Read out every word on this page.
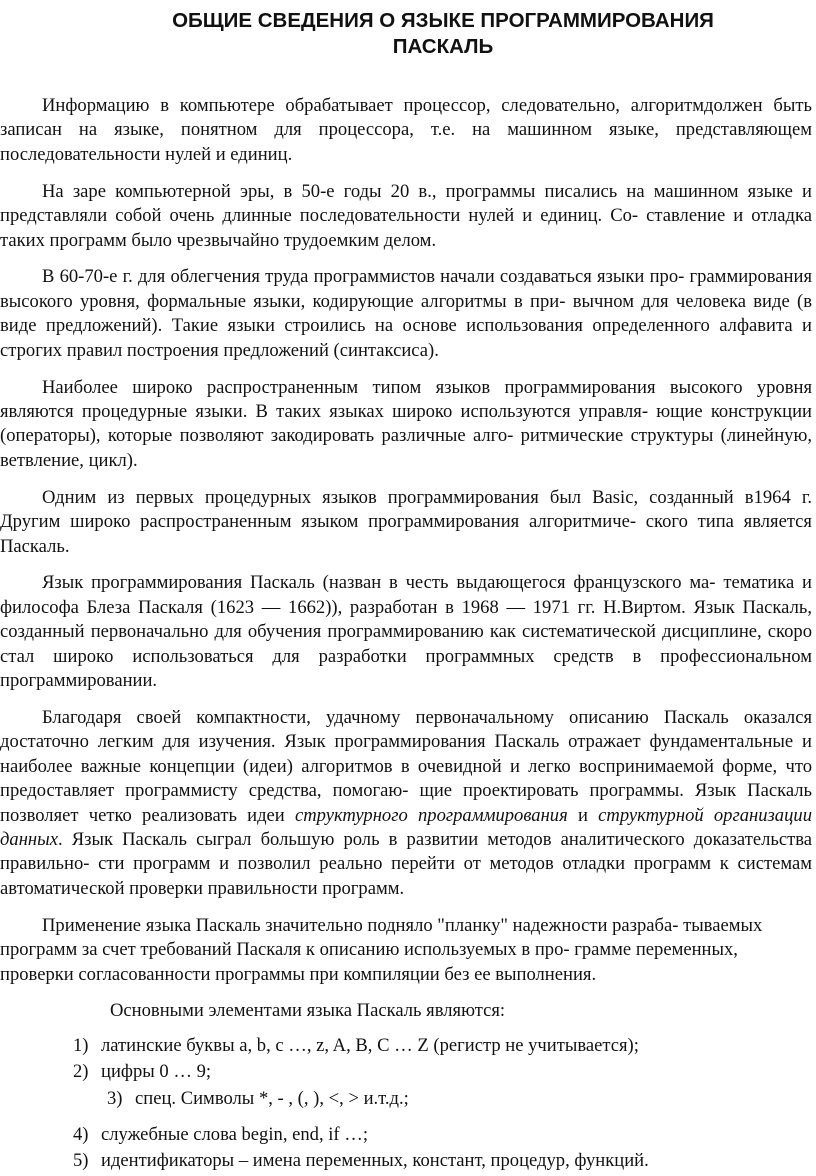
ОБЩИЕ СВЕДЕНИЯ О ЯЗЫКЕ ПРОГРАММИРОВАНИЯ
ПАСКАЛЬ

Информацию в компьютере обрабатывает процессор, следовательно, алгоритмдолжен быть записан на языке, понятном для процессора, т.е. на машинном языке, представляющем последовательности нулей и единиц.

На заре компьютерной эры, в 50-е годы 20 в., программы писались на машинном языке и представляли собой очень длинные последовательности нулей и единиц. Со- ставление и отладка таких программ было чрезвычайно трудоемким делом.

В 60-70-е г. для облегчения труда программистов начали создаваться языки про- граммирования высокого уровня, формальные языки, кодирующие алгоритмы в при- вычном для человека виде (в виде предложений). Такие языки строились на основе использования определенного алфавита и строгих правил построения предложений (синтаксиса).

Наиболее широко распространенным типом языков программирования высокого уровня являются процедурные языки. В таких языках широко используются управля- ющие конструкции (операторы), которые позволяют закодировать различные алго- ритмические структуры (линейную, ветвление, цикл).

Одним из первых процедурных языков программирования был Basic, созданный в1964 г. Другим широко распространенным языком программирования алгоритмиче- ского типа является Паскаль.

Язык программирования Паскаль (назван в честь выдающегося французского ма- тематика и философа Блеза Паскаля (1623 — 1662)), разработан в 1968 — 1971 гг. Н.Виртом. Язык Паскаль, созданный первоначально для обучения программированию как систематической дисциплине, скоро стал широко использоваться для разработки программных средств в профессиональном программировании.

Благодаря своей компактности, удачному первоначальному описанию Паскаль оказался достаточно легким для изучения. Язык программирования Паскаль отражает фундаментальные и наиболее важные концепции (идеи) алгоритмов в очевидной и легко воспринимаемой форме, что предоставляет программисту средства, помогаю- щие проектировать программы. Язык Паскаль позволяет четко реализовать идеи структурного программирования и структурной организации данных. Язык Паскаль сыграл большую роль в развитии методов аналитического доказательства правильно- сти программ и позволил реально перейти от методов отладки программ к системам автоматической проверки правильности программ.

Применение языка Паскаль значительно подняло "планку" надежности разраба- тываемых программ за счет требований Паскаля к описанию используемых в про- грамме переменных, проверки согласованности программы при компиляции без ее выполнения.

Основными элементами языка Паскаль являются:

1) латинские буквы a, b, c …, z, A, B, C … Z (регистр не учитывается);
2) цифры 0 … 9;
3) спец. Символы *, - , (, ), <, > и.т.д.;
4) служебные слова begin, end, if …;
5) идентификаторы – имена переменных, констант, процедур, функций.
